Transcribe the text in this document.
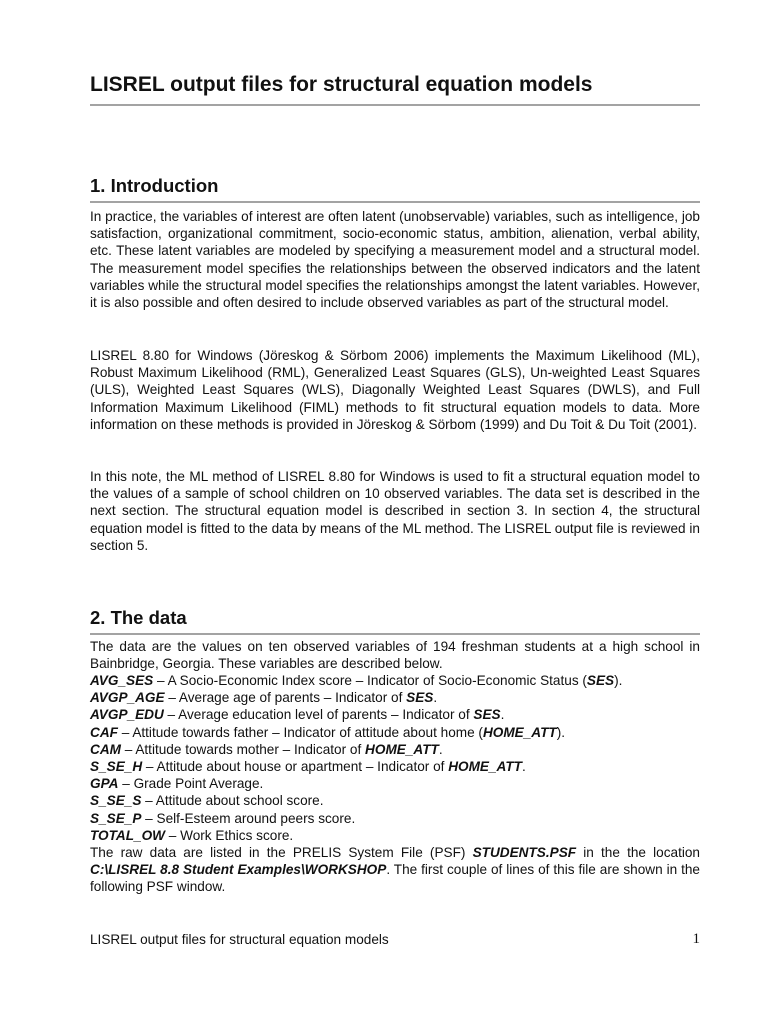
LISREL output files for structural equation models
1. Introduction

In practice, the variables of interest are often latent (unobservable) variables, such as intelligence, job satisfaction, organizational commitment, socio-economic status, ambition, alienation, verbal ability, etc. These latent variables are modeled by specifying a measurement model and a structural model. The measurement model specifies the relationships between the observed indicators and the latent variables while the structural model specifies the relationships amongst the latent variables. However, it is also possible and often desired to include observed variables as part of the structural model.

LISREL 8.80 for Windows (Jöreskog & Sörbom 2006) implements the Maximum Likelihood (ML), Robust Maximum Likelihood (RML), Generalized Least Squares (GLS), Un-weighted Least Squares (ULS), Weighted Least Squares (WLS), Diagonally Weighted Least Squares (DWLS), and Full Information Maximum Likelihood (FIML) methods to fit structural equation models to data. More information on these methods is provided in Jöreskog & Sörbom (1999) and Du Toit & Du Toit (2001).

In this note, the ML method of LISREL 8.80 for Windows is used to fit a structural equation model to the values of a sample of school children on 10 observed variables. The data set is described in the next section. The structural equation model is described in section 3. In section 4, the structural equation model is fitted to the data by means of the ML method. The LISREL output file is reviewed in section 5.

2. The data

The data are the values on ten observed variables of 194 freshman students at a high school in Bainbridge, Georgia. These variables are described below.

AVG_SES – A Socio-Economic Index score – Indicator of Socio-Economic Status (SES).
AVGP_AGE – Average age of parents – Indicator of SES.
AVGP_EDU – Average education level of parents – Indicator of SES.
CAF – Attitude towards father – Indicator of attitude about home (HOME_ATT).
CAM – Attitude towards mother – Indicator of HOME_ATT.
S_SE_H – Attitude about house or apartment – Indicator of HOME_ATT.
GPA – Grade Point Average.
S_SE_S – Attitude about school score.
S_SE_P – Self-Esteem around peers score.
TOTAL_OW – Work Ethics score.

The raw data are listed in the PRELIS System File (PSF) STUDENTS.PSF in the the location C:\LISREL 8.8 Student Examples\WORKSHOP. The first couple of lines of this file are shown in the following PSF window.

LISREL output files for structural equation models	1
